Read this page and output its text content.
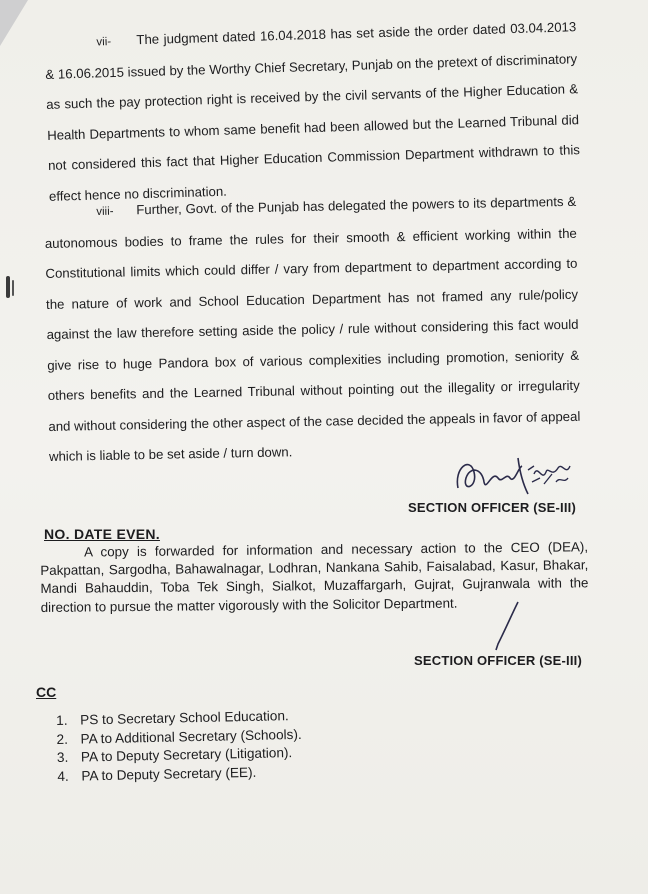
vii- The judgment dated 16.04.2018 has set aside the order dated 03.04.2013 & 16.06.2015 issued by the Worthy Chief Secretary, Punjab on the pretext of discriminatory as such the pay protection right is received by the civil servants of the Higher Education & Health Departments to whom same benefit had been allowed but the Learned Tribunal did not considered this fact that Higher Education Commission Department withdrawn to this effect hence no discrimination.
viii- Further, Govt. of the Punjab has delegated the powers to its departments & autonomous bodies to frame the rules for their smooth & efficient working within the Constitutional limits which could differ / vary from department to department according to the nature of work and School Education Department has not framed any rule/policy against the law therefore setting aside the policy / rule without considering this fact would give rise to huge Pandora box of various complexities including promotion, seniority & others benefits and the Learned Tribunal without pointing out the illegality or irregularity and without considering the other aspect of the case decided the appeals in favor of appeal which is liable to be set aside / turn down.
SECTION OFFICER (SE-III)
NO. DATE EVEN.
A copy is forwarded for information and necessary action to the CEO (DEA), Pakpattan, Sargodha, Bahawalnagar, Lodhran, Nankana Sahib, Faisalabad, Kasur, Bhakar, Mandi Bahauddin, Toba Tek Singh, Sialkot, Muzaffargarh, Gujrat, Gujranwala with the direction to pursue the matter vigorously with the Solicitor Department.
SECTION OFFICER (SE-III)
CC
1. PS to Secretary School Education.
2. PA to Additional Secretary (Schools).
3. PA to Deputy Secretary (Litigation).
4. PA to Deputy Secretary (EE).
